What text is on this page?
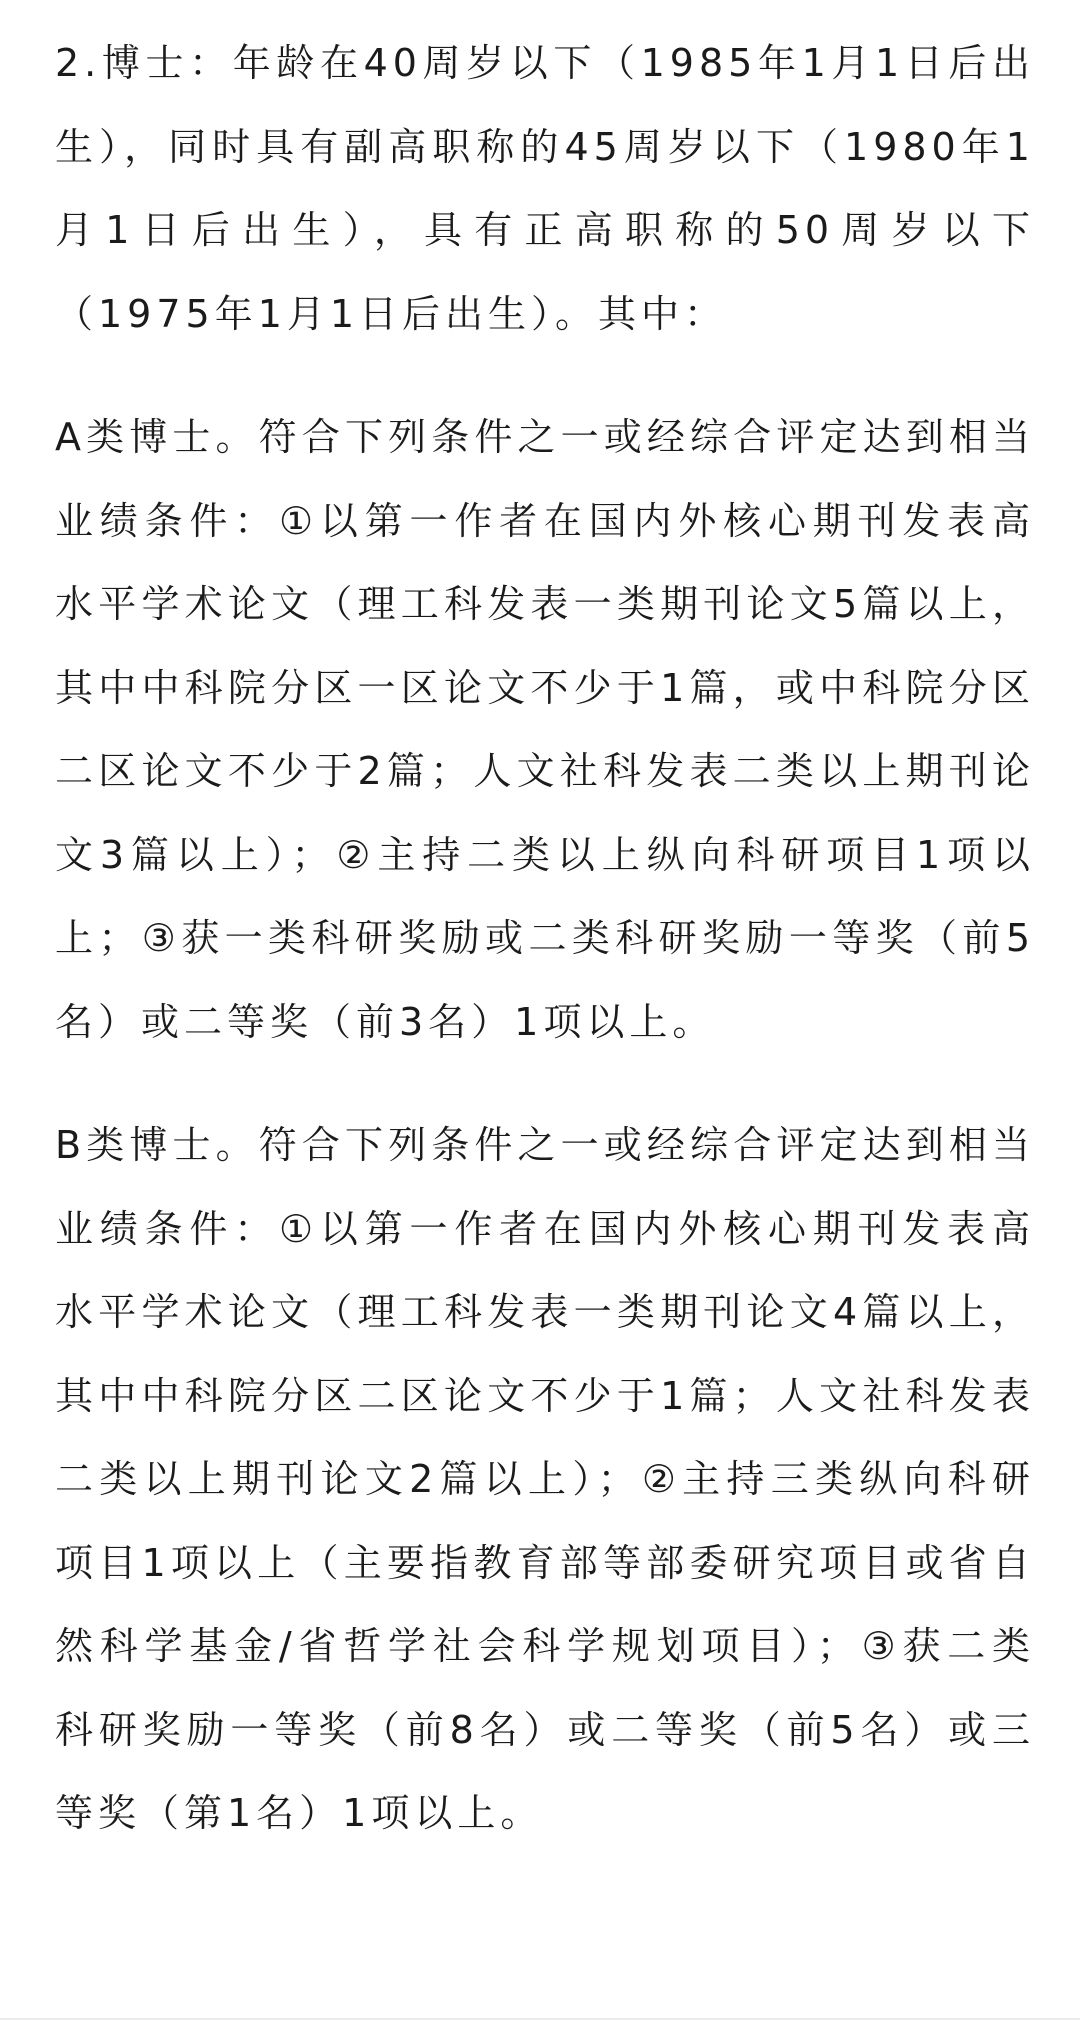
2.博士：年龄在40周岁以下（1985年1月1日后出生），同时具有副高职称的45周岁以下（1980年1月1日后出生），具有正高职称的50周岁以下（1975年1月1日后出生）。其中：

A类博士。符合下列条件之一或经综合评定达到相当业绩条件：①以第一作者在国内外核心期刊发表高水平学术论文（理工科发表一类期刊论文5篇以上，其中中科院分区一区论文不少于1篇，或中科院分区二区论文不少于2篇；人文社科发表二类以上期刊论文3篇以上）；②主持二类以上纵向科研项目1项以上；③获一类科研奖励或二类科研奖励一等奖（前5名）或二等奖（前3名）1项以上。

B类博士。符合下列条件之一或经综合评定达到相当业绩条件：①以第一作者在国内外核心期刊发表高水平学术论文（理工科发表一类期刊论文4篇以上，其中中科院分区二区论文不少于1篇；人文社科发表二类以上期刊论文2篇以上）；②主持三类纵向科研项目1项以上（主要指教育部等部委研究项目或省自然科学基金/省哲学社会科学规划项目）；③获二类科研奖励一等奖（前8名）或二等奖（前5名）或三等奖（第1名）1项以上。
